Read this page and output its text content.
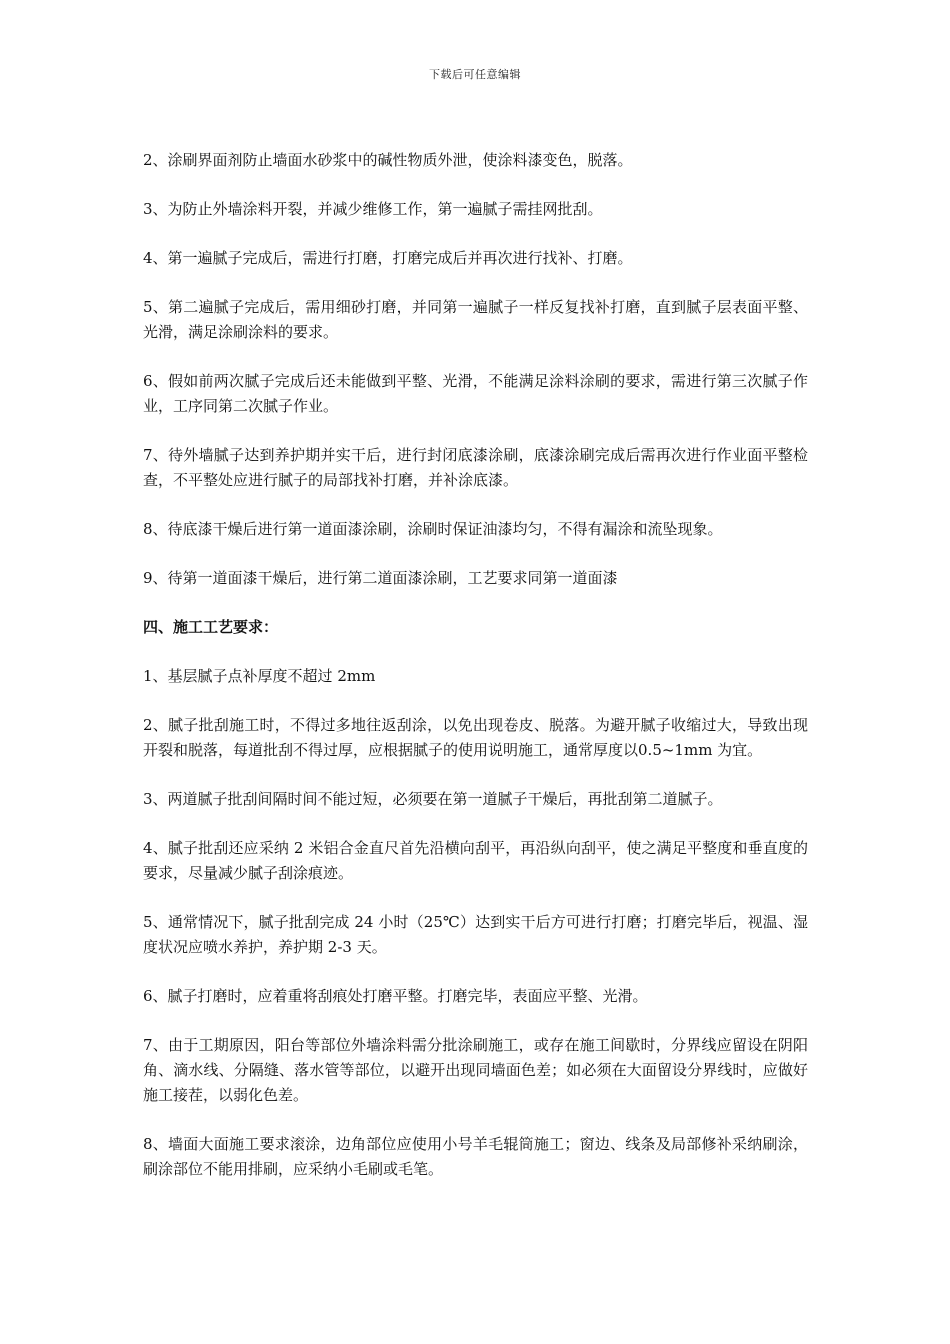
下载后可任意编辑

2、涂刷界面剂防止墙面水砂浆中的碱性物质外泄，使涂料漆变色，脱落。

3、为防止外墙涂料开裂，并减少维修工作，第一遍腻子需挂网批刮。

4、第一遍腻子完成后，需进行打磨，打磨完成后并再次进行找补、打磨。

5、第二遍腻子完成后，需用细砂打磨，并同第一遍腻子一样反复找补打磨，直到腻子层表面平整、光滑，满足涂刷涂料的要求。

6、假如前两次腻子完成后还未能做到平整、光滑，不能满足涂料涂刷的要求，需进行第三次腻子作业，工序同第二次腻子作业。

7、待外墙腻子达到养护期并实干后，进行封闭底漆涂刷，底漆涂刷完成后需再次进行作业面平整检查，不平整处应进行腻子的局部找补打磨，并补涂底漆。

8、待底漆干燥后进行第一道面漆涂刷，涂刷时保证油漆均匀，不得有漏涂和流坠现象。

9、待第一道面漆干燥后，进行第二道面漆涂刷，工艺要求同第一道面漆

四、施工工艺要求：

1、基层腻子点补厚度不超过 2mm

2、腻子批刮施工时，不得过多地往返刮涂，以免出现卷皮、脱落。为避开腻子收缩过大，导致出现开裂和脱落，每道批刮不得过厚，应根据腻子的使用说明施工，通常厚度以0.5~1mm 为宜。

3、两道腻子批刮间隔时间不能过短，必须要在第一道腻子干燥后，再批刮第二道腻子。

4、腻子批刮还应采纳 2 米铝合金直尺首先沿横向刮平，再沿纵向刮平，使之满足平整度和垂直度的要求，尽量减少腻子刮涂痕迹。

5、通常情况下，腻子批刮完成 24 小时（25℃）达到实干后方可进行打磨；打磨完毕后，视温、湿度状况应喷水养护，养护期 2-3 天。

6、腻子打磨时，应着重将刮痕处打磨平整。打磨完毕，表面应平整、光滑。

7、由于工期原因，阳台等部位外墙涂料需分批涂刷施工，或存在施工间歇时，分界线应留设在阴阳角、滴水线、分隔缝、落水管等部位，以避开出现同墙面色差；如必须在大面留设分界线时，应做好施工接茬，以弱化色差。

8、墙面大面施工要求滚涂，边角部位应使用小号羊毛辊筒施工；窗边、线条及局部修补采纳刷涂，刷涂部位不能用排刷，应采纳小毛刷或毛笔。
